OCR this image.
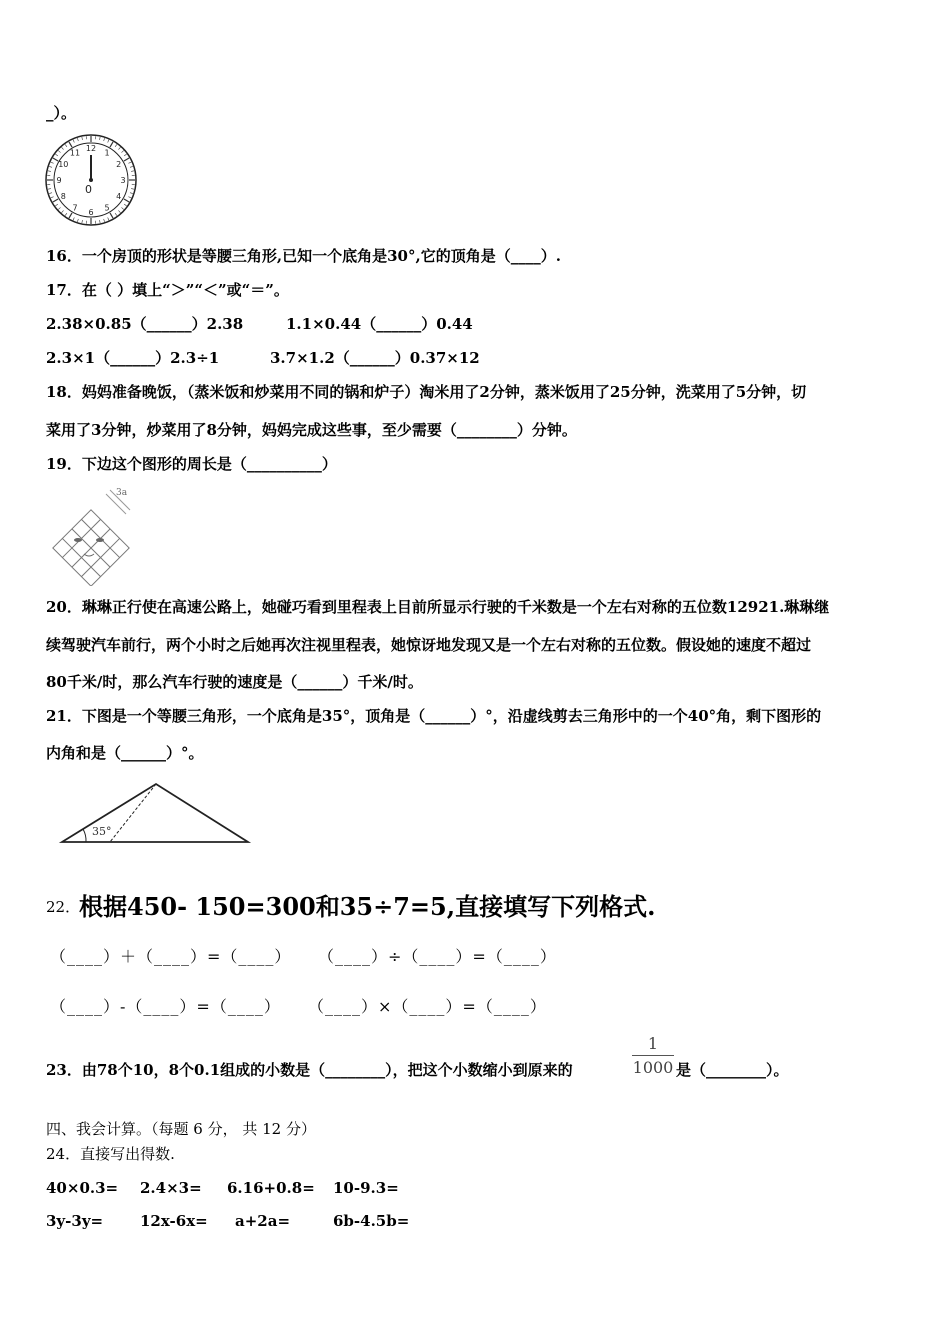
_）。
12 1
2
3
4
5
6
7
8
9
10
11
0
16．一个房顶的形状是等腰三角形,已知一个底角是30°,它的顶角是（____）.
17．在（ ）填上“＞”“＜”或“＝”。
2.38×0.85（______）2.38	1.1×0.44（______）0.44
2.3×1（______）2.3÷1	3.7×1.2（______）0.37×12
18．妈妈准备晚饭，（蒸米饭和炒菜用不同的锅和炉子）淘米用了2分钟，蒸米饭用了25分钟，洗菜用了5分钟，切
菜用了3分钟，炒菜用了8分钟，妈妈完成这些事，至少需要（________）分钟。
19．下边这个图形的周长是（__________）
3a
20．琳琳正行使在高速公路上，她碰巧看到里程表上目前所显示行驶的千米数是一个左右对称的五位数12921.琳琳继
续驾驶汽车前行，两个小时之后她再次注视里程表，她惊讶地发现又是一个左右对称的五位数。假设她的速度不超过
80千米/时，那么汽车行驶的速度是（______）千米/时。
21．下图是一个等腰三角形，一个底角是35°，顶角是（______）°，沿虚线剪去三角形中的一个40°角，剩下图形的
内角和是（______）°。
35°
22．
根据450- 150=300和35÷7=5,直接填写下列格式.
（____）＋（____）=（____） （____）÷（____）=（____）
（____）-（____）=（____） （____）×（____）=（____）
23．由78个10，8个0.1组成的小数是（________），把这个小数缩小到原来的
1
1000 是（________）。
四、我会计算。（每题 6 分， 共 12 分）
24．直接写出得数.
40×0.3= 2.4×3= 6.16+0.8= 10-9.3=
3y-3y= 12x-6x= a+2a=	6b-4.5b=
